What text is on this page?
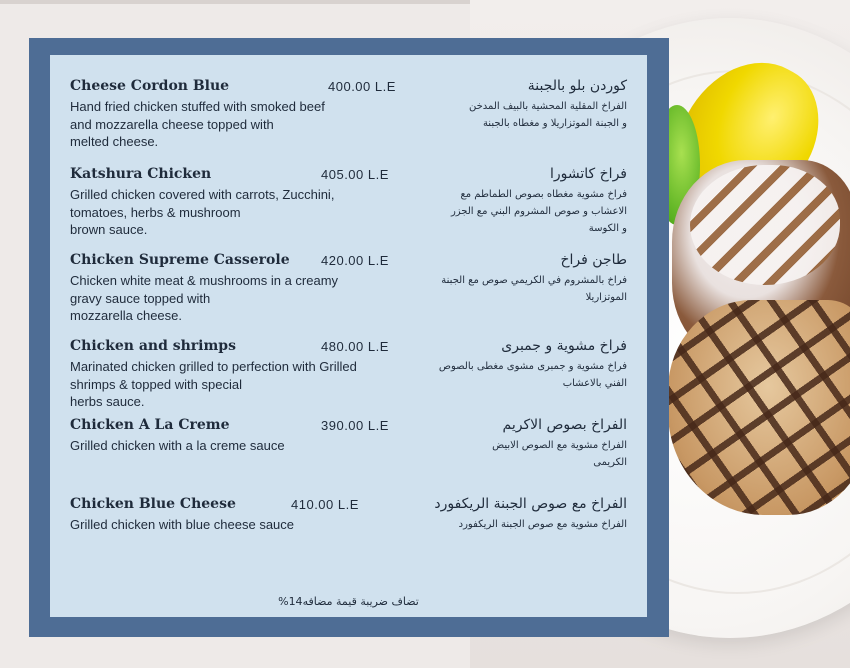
Cheese Cordon Blue	400.00 L.E
Hand fried chicken stuffed with smoked beef
and mozzarella cheese topped with
melted cheese.
كوردن بلو بالجبنة
الفراخ المقلية المحشية بالبيف المدخن
و الجبنة الموتزاريلا و مغطاه بالجبنة
Katshura Chicken	405.00 L.E
Grilled chicken covered with carrots, Zucchini,
tomatoes, herbs & mushroom
brown sauce.
فراخ كاتشورا
فراخ مشوية مغطاه بصوص الطماطم مع
الاعشاب و صوص المشروم البني مع الجزر
و الكوسة
Chicken Supreme Casserole 420.00 L.E
Chicken white meat & mushrooms in a creamy
gravy sauce topped with
mozzarella cheese.
طاجن فراخ
فراخ بالمشروم في الكريمي صوص مع الجبنة
الموتزاريلا
Chicken and shrimps	480.00 L.E
Marinated chicken grilled to perfection with Grilled
shrimps & topped with special
herbs sauce.
فراخ مشوية و جمبرى
فراخ مشوية و جمبرى مشوى مغطى بالصوص
الفني بالاعشاب
Chicken A La Creme	390.00 L.E
Grilled chicken with a la creme sauce
الفراخ بصوص الاكريم
الفراخ مشوية مع الصوص الابيض
الكريمى
Chicken Blue Cheese	410.00 L.E
Grilled chicken with blue cheese sauce
الفراخ مع صوص الجبنة الريكفورد
الفراخ مشوية مع صوص الجبنة الريكفورد
تضاف ضريبة قيمة مضافه14%
